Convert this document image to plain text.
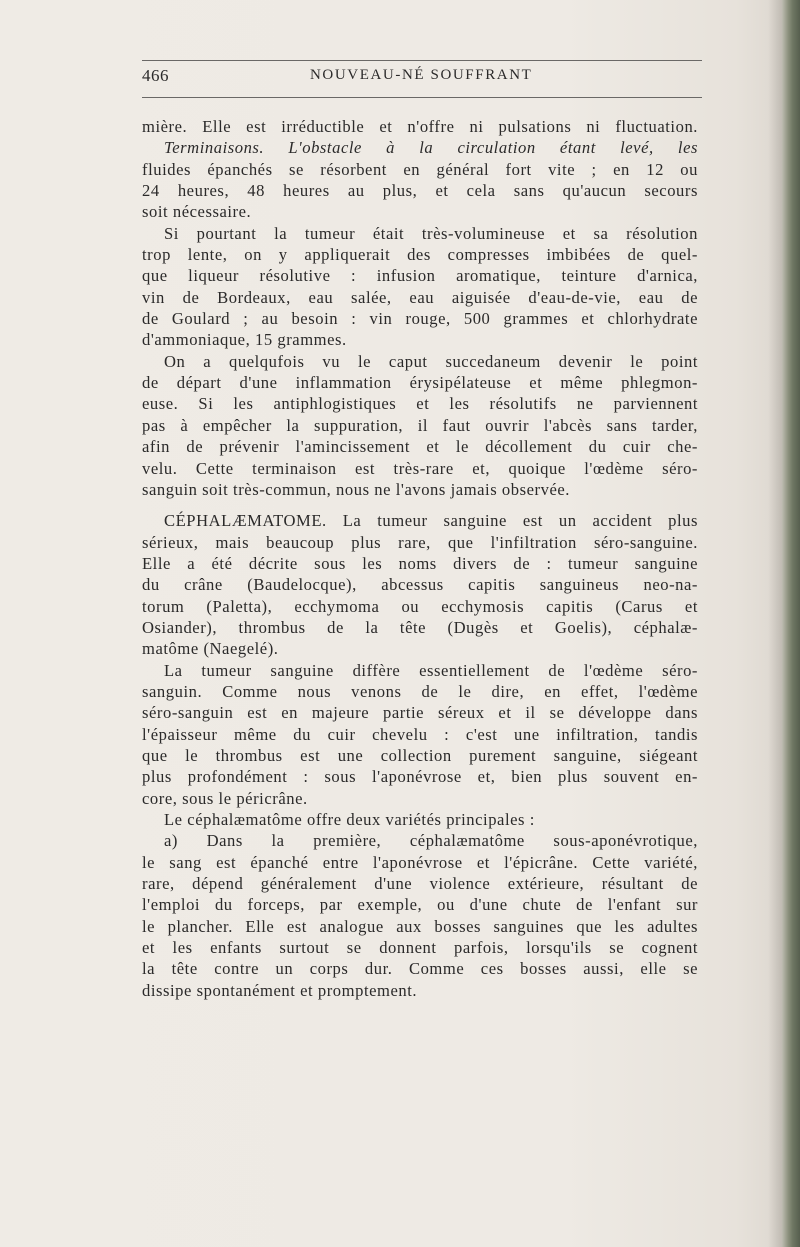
466	NOUVEAU-NÉ SOUFFRANT
mière. Elle est irréductible et n'offre ni pulsations ni fluctuation.
Terminaisons. L'obstacle à la circulation étant levé, les
fluides épanchés se résorbent en général fort vite ; en 12 ou
24 heures, 48 heures au plus, et cela sans qu'aucun secours
soit nécessaire.
Si pourtant la tumeur était très-volumineuse et sa résolution
trop lente, on y appliquerait des compresses imbibées de quel-
que liqueur résolutive : infusion aromatique, teinture d'arnica,
vin de Bordeaux, eau salée, eau aiguisée d'eau-de-vie, eau de
de Goulard ; au besoin : vin rouge, 500 grammes et chlorhydrate
d'ammoniaque, 15 grammes.
On a quelqufois vu le caput succedaneum devenir le point
de départ d'une inflammation érysipélateuse et même phlegmon-
euse. Si les antiphlogistiques et les résolutifs ne parviennent
pas à empêcher la suppuration, il faut ouvrir l'abcès sans tarder,
afin de prévenir l'amincissement et le décollement du cuir che-
velu. Cette terminaison est très-rare et, quoique l'œdème séro-
sanguin soit très-commun, nous ne l'avons jamais observée.
CÉPHALÆMATOME. La tumeur sanguine est un accident plus
sérieux, mais beaucoup plus rare, que l'infiltration séro-sanguine.
Elle a été décrite sous les noms divers de : tumeur sanguine
du crâne (Baudelocque), abcessus capitis sanguineus neo-na-
torum (Paletta), ecchymoma ou ecchymosis capitis (Carus et
Osiander), thrombus de la tête (Dugès et Goelis), céphalæ-
matôme (Naegelé).
La tumeur sanguine diffère essentiellement de l'œdème séro-
sanguin. Comme nous venons de le dire, en effet, l'œdème
séro-sanguin est en majeure partie séreux et il se développe dans
l'épaisseur même du cuir chevelu : c'est une infiltration, tandis
que le thrombus est une collection purement sanguine, siégeant
plus profondément : sous l'aponévrose et, bien plus souvent en-
core, sous le péricrâne.
Le céphalæmatôme offre deux variétés principales :
a) Dans la première, céphalæmatôme sous-aponévrotique,
le sang est épanché entre l'aponévrose et l'épicrâne. Cette variété,
rare, dépend généralement d'une violence extérieure, résultant de
l'emploi du forceps, par exemple, ou d'une chute de l'enfant sur
le plancher. Elle est analogue aux bosses sanguines que les adultes
et les enfants surtout se donnent parfois, lorsqu'ils se cognent
la tête contre un corps dur. Comme ces bosses aussi, elle se
dissipe spontanément et promptement.
